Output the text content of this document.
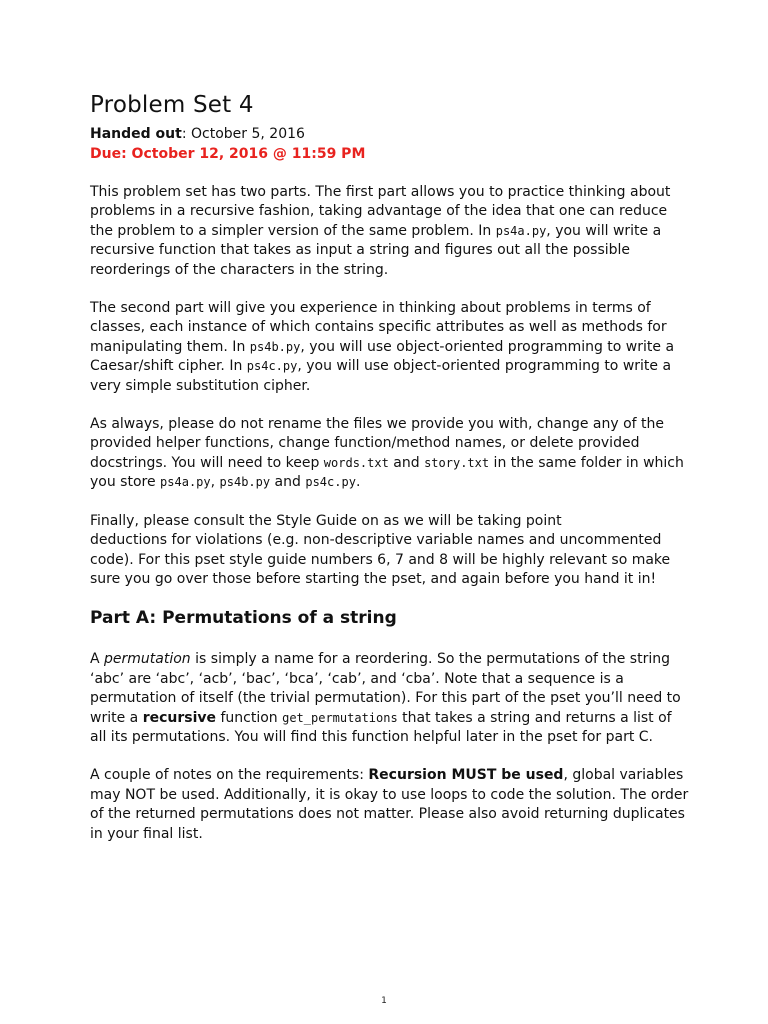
Problem Set 4

Handed out: October 5, 2016

Due: October 12, 2016 @ 11:59 PM

This problem set has two parts. The first part allows you to practice thinking about problems in a recursive fashion, taking advantage of the idea that one can reduce the problem to a simpler version of the same problem. In ps4a.py, you will write a recursive function that takes as input a string and figures out all the possible reorderings of the characters in the string.

The second part will give you experience in thinking about problems in terms of classes, each instance of which contains specific attributes as well as methods for manipulating them. In ps4b.py, you will use object-oriented programming to write a Caesar/shift cipher. In ps4c.py, you will use object-oriented programming to write a very simple substitution cipher.

As always, please do not rename the files we provide you with, change any of the provided helper functions, change function/method names, or delete provided docstrings. You will need to keep words.txt and story.txt in the same folder in which you store ps4a.py, ps4b.py and ps4c.py.

Finally, please consult the Style Guide on as we will be taking point
deductions for violations (e.g. non-descriptive variable names and uncommented code). For this pset style guide numbers 6, 7 and 8 will be highly relevant so make sure you go over those before starting the pset, and again before you hand it in!

Part A: Permutations of a string

A permutation is simply a name for a reordering. So the permutations of the string ‘abc’ are ‘abc’, ‘acb’, ‘bac’, ‘bca’, ‘cab’, and ‘cba’. Note that a sequence is a permutation of itself (the trivial permutation). For this part of the pset you’ll need to write a recursive function get_permutations that takes a string and returns a list of all its permutations. You will find this function helpful later in the pset for part C.

A couple of notes on the requirements: Recursion MUST be used, global variables may NOT be used. Additionally, it is okay to use loops to code the solution. The order of the returned permutations does not matter. Please also avoid returning duplicates in your final list.

1
